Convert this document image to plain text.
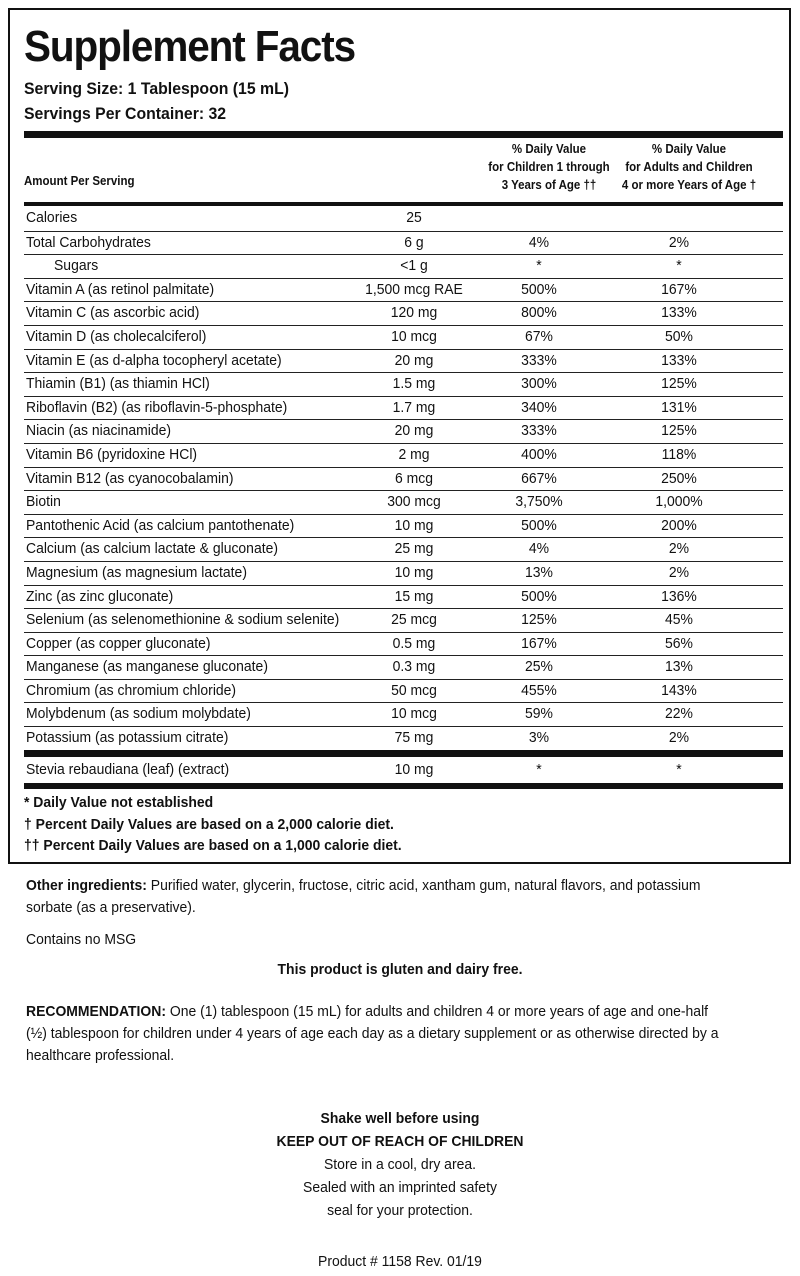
Supplement Facts
Serving Size: 1 Tablespoon (15 mL)
Servings Per Container: 32
% Daily Value
for Children 1 through
3 Years of Age ††
% Daily Value
for Adults and Children
4 or more Years of Age †
Amount Per Serving
Calories	25
Total Carbohydrates	6 g	4%	2%
Sugars	<1 g	*	*
Vitamin A (as retinol palmitate)	1,500 mcg RAE	500%	167%
Vitamin C (as ascorbic acid)	120 mg	800%	133%
Vitamin D (as cholecalciferol)	10 mcg	67%	50%
Vitamin E (as d-alpha tocopheryl acetate)	20 mg	333%	133%
Thiamin (B1) (as thiamin HCl)	1.5 mg	300%	125%
Riboflavin (B2) (as riboflavin-5-phosphate)	1.7 mg	340%	131%
Niacin (as niacinamide)	20 mg	333%	125%
Vitamin B6 (pyridoxine HCl)	2 mg	400%	118%
Vitamin B12 (as cyanocobalamin)	6 mcg	667%	250%
Biotin	300 mcg	3,750%	1,000%
Pantothenic Acid (as calcium pantothenate)	10 mg	500%	200%
Calcium (as calcium lactate & gluconate)	25 mg	4%	2%
Magnesium (as magnesium lactate)	10 mg	13%	2%
Zinc (as zinc gluconate)	15 mg	500%	136%
Selenium (as selenomethionine & sodium selenite)	25 mcg	125%	45%
Copper (as copper gluconate)	0.5 mg	167%	56%
Manganese (as manganese gluconate)	0.3 mg	25%	13%
Chromium (as chromium chloride)	50 mcg	455%	143%
Molybdenum (as sodium molybdate)	10 mcg	59%	22%
Potassium (as potassium citrate)	75 mg	3%	2%
Stevia rebaudiana (leaf) (extract)	10 mg	*	*
* Daily Value not established
† Percent Daily Values are based on a 2,000 calorie diet.
†† Percent Daily Values are based on a 1,000 calorie diet.
Other ingredients: Purified water, glycerin, fructose, citric acid, xantham gum, natural flavors, and potassium sorbate (as a preservative).
Contains no MSG
This product is gluten and dairy free.
RECOMMENDATION: One (1) tablespoon (15 mL) for adults and children 4 or more years of age and one-half (½) tablespoon for children under 4 years of age each day as a dietary supplement or as otherwise directed by a healthcare professional.
Shake well before using
KEEP OUT OF REACH OF CHILDREN
Store in a cool, dry area.
Sealed with an imprinted safety
seal for your protection.
Product # 1158 Rev. 01/19
